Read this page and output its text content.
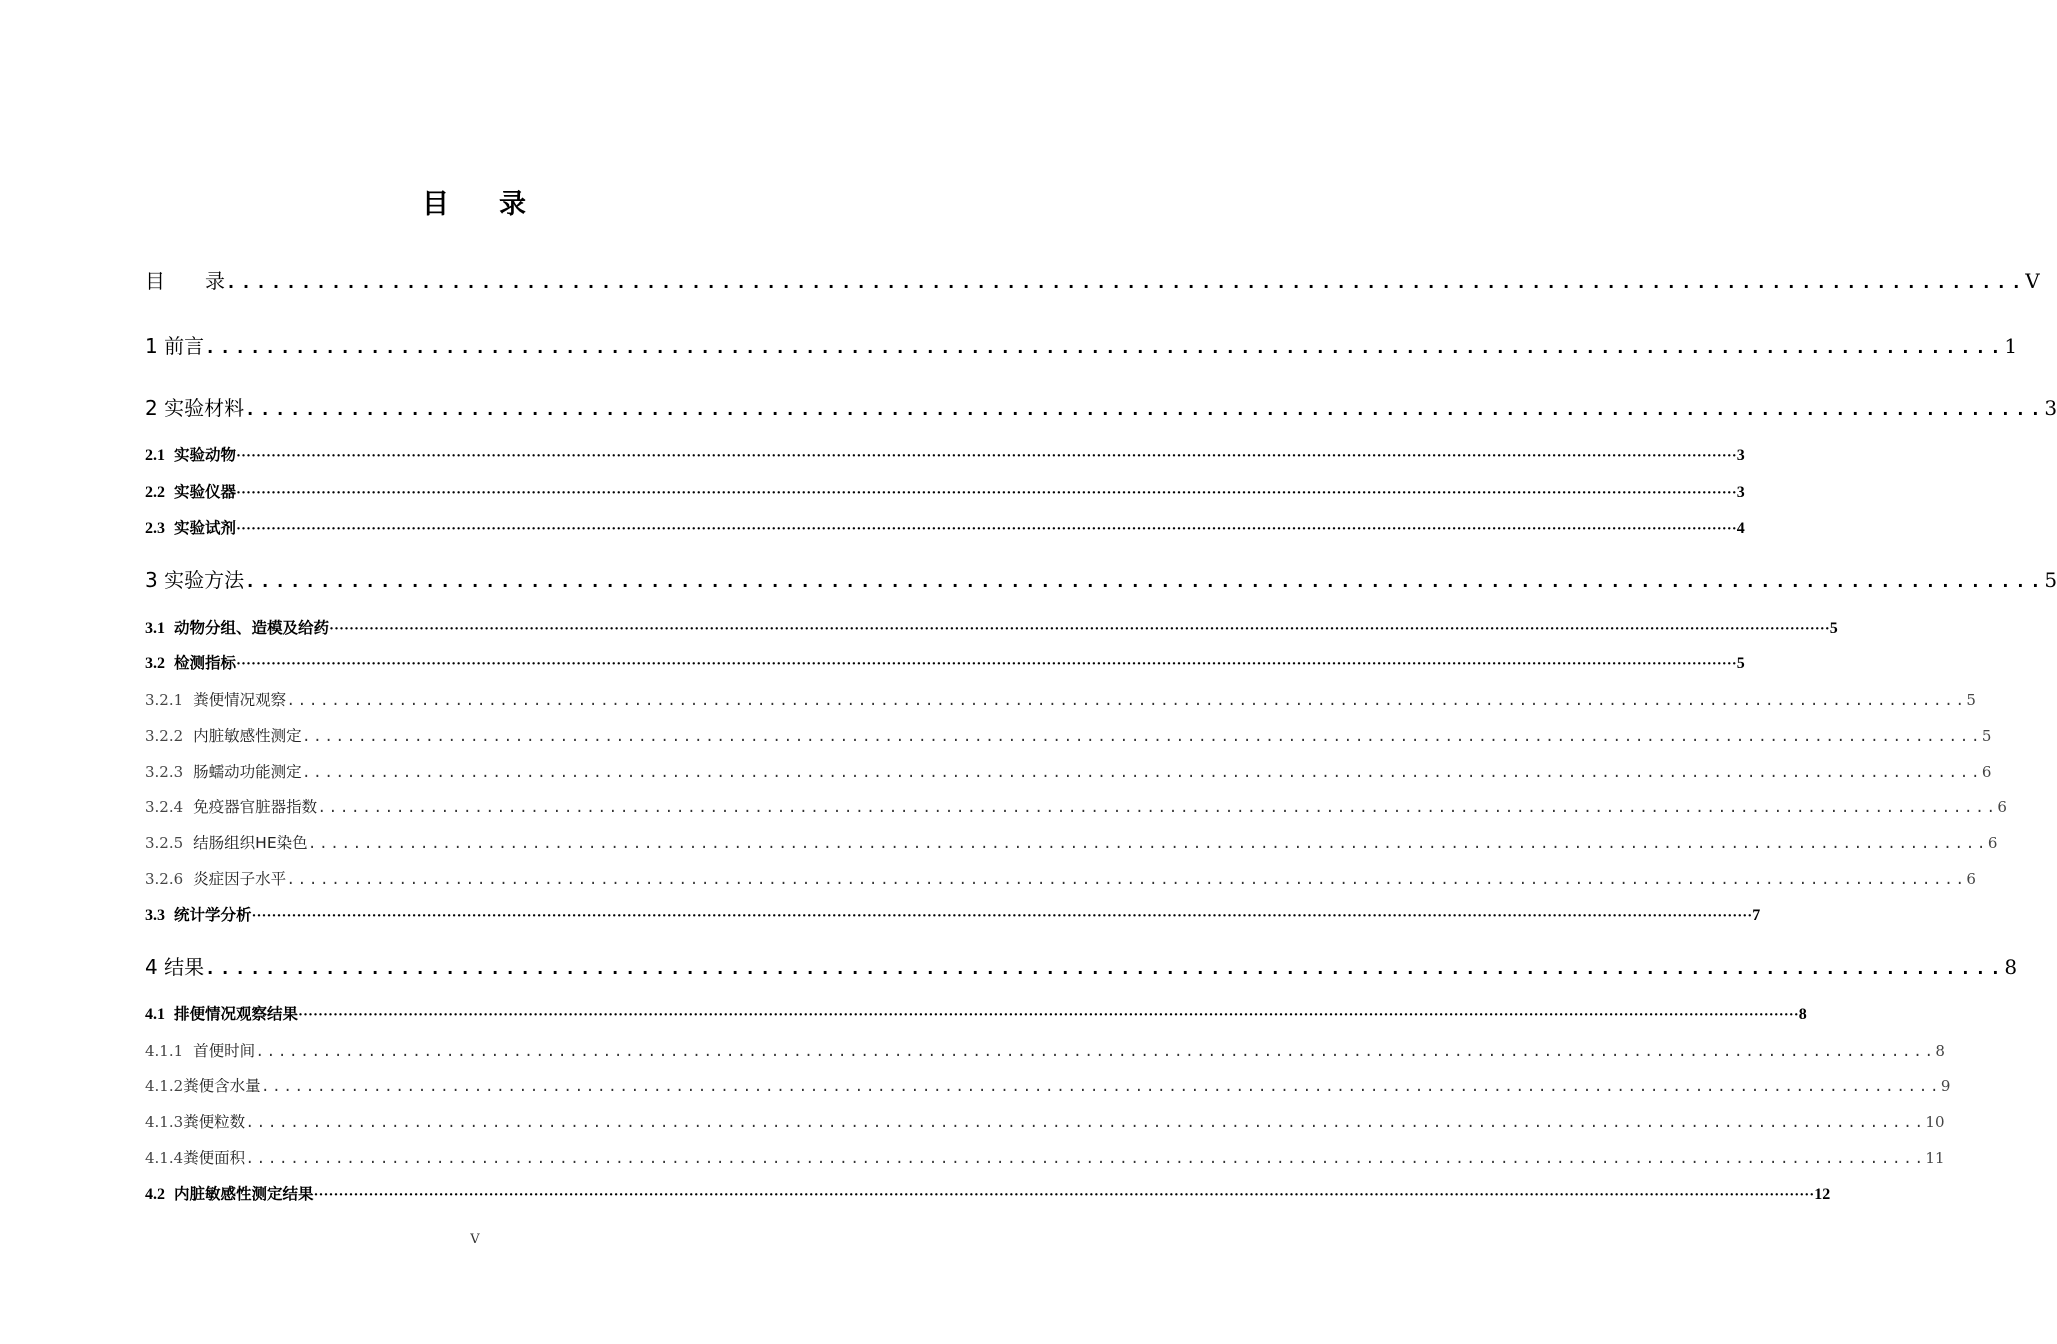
目 录
目　　录 ........................................................................................................................ V
1 前言 ........................................................................................................................ 1
2 实验材料 ........................................................................................................................ 3
2.1 实验动物 ············································································································································································································································································································ 3
2.2 实验仪器 ············································································································································································································································································································ 3
2.3 实验试剂 ············································································································································································································································································································ 4
3 实验方法 ........................................................................................................................ 5
3.1 动物分组、造模及给药 ············································································································································································································································································································ 5
3.2 检测指标 ············································································································································································································································································································ 5
3.2.1 粪便情况观察 ...................................................................................................................................................... 5
3.2.2 内脏敏感性测定 ...................................................................................................................................................... 5
3.2.3 肠蠕动功能测定 ...................................................................................................................................................... 6
3.2.4 免疫器官脏器指数 ...................................................................................................................................................... 6
3.2.5 结肠组织HE染色 ...................................................................................................................................................... 6
3.2.6 炎症因子水平 ...................................................................................................................................................... 6
3.3 统计学分析 ············································································································································································································································································································ 7
4 结果 ........................................................................................................................ 8
4.1 排便情况观察结果 ············································································································································································································································································································ 8
4.1.1 首便时间 ...................................................................................................................................................... 8
4.1.2粪便含水量 ...................................................................................................................................................... 9
4.1.3粪便粒数 ...................................................................................................................................................... 10
4.1.4粪便面积 ...................................................................................................................................................... 11
4.2 内脏敏感性测定结果 ············································································································································································································································································································ 12
V
